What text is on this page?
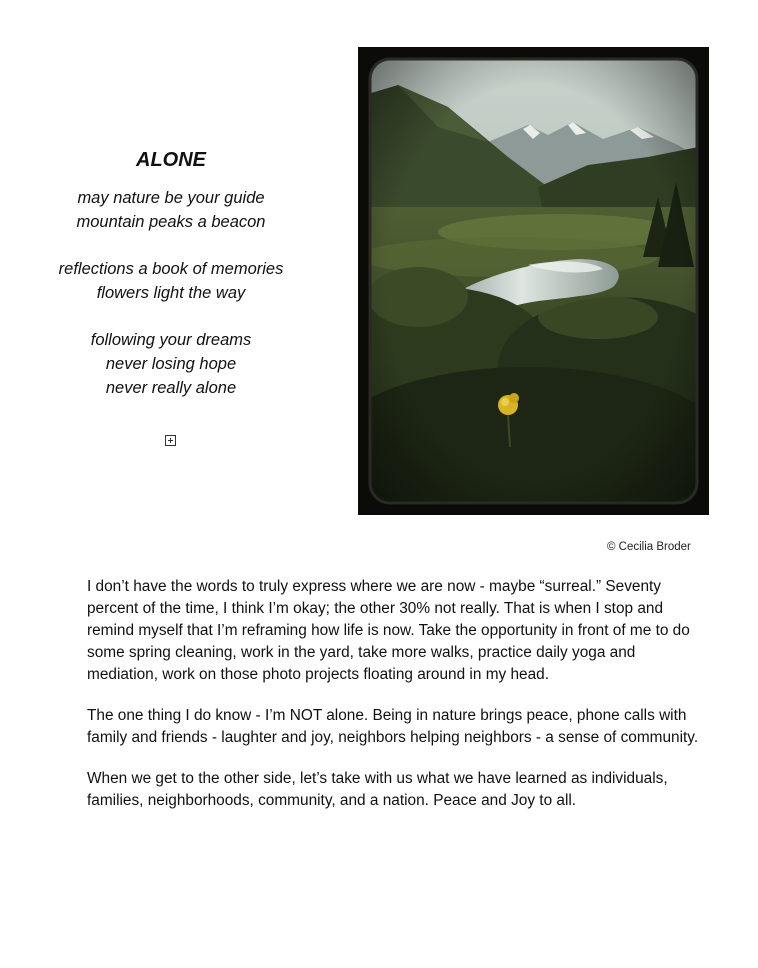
ALONE
may nature be your guide
mountain peaks a beacon
reflections a book of memories
flowers light the way
following your dreams
never losing hope
never really alone
© Cecilia Broder

I don’t have the words to truly express where we are now - maybe “surreal.” Seventy percent of the time, I think I’m okay; the other 30% not really. That is when I stop and remind myself that I’m reframing how life is now. Take the opportunity in front of me to do some spring cleaning, work in the yard, take more walks, practice daily yoga and mediation, work on those photo projects floating around in my head.

The one thing I do know - I’m NOT alone. Being in nature brings peace, phone calls with family and friends - laughter and joy, neighbors helping neighbors - a sense of community.

When we get to the other side, let’s take with us what we have learned as individuals, families, neighborhoods, community, and a nation. Peace and Joy to all.
